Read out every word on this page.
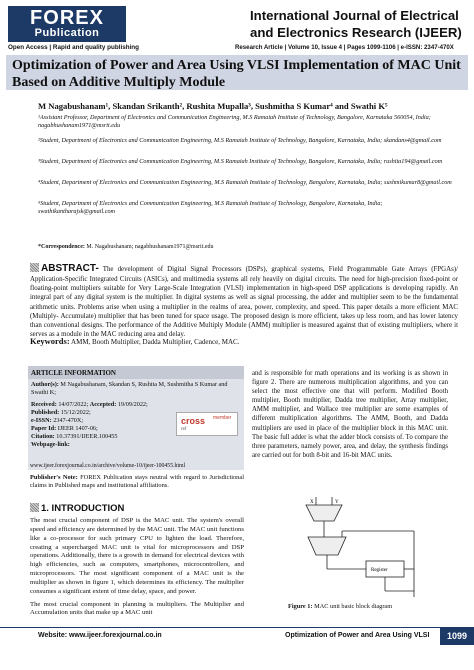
FOREX
Publication
Open Access | Rapid and quality publishing
International Journal of Electrical and Electronics Research (IJEER)
Research Article | Volume 10, Issue 4 | Pages 1099-1106 | e-ISSN: 2347-470X
Optimization of Power and Area Using VLSI Implementation of MAC Unit Based on Additive Multiply Module
M Nagabushanam¹, Skandan Srikanth², Rushita Mupalla³, Sushmitha S Kumar⁴ and Swathi K⁵
¹Assistant Professor, Department of Electronics and Communication Engineering, M.S Ramaiah Institute of Technology, Bangalore, Karnataka 560054, India; nagabhushanam1971@msrit.edu
²Student, Department of Electronics and Communication Engineering, M.S Ramaiah Institute of Technology, Bangalore, Karnataka, India; skandans4@gmail.com
³Student, Department of Electronics and Communication Engineering, M.S Ramaiah Institute of Technology, Bangalore, Karnataka, India; rushita194@gmail.com
⁴Student, Department of Electronics and Communication Engineering, M.S Ramaiah Institute of Technology, Bangalore, Karnataka, India; sushmikumar8@gmail.com
⁵Student, Department of Electronics and Communication Engineering, M.S Ramaiah Institute of Technology, Bangalore, Karnataka, India; swathikantharajsk@gmail.com
*Correspondence: M. Nagabushanam; nagabhushanam1971@msrit.edu
ABSTRACT- The development of Digital Signal Processors (DSPs), graphical systems, Field Programmable Gate Arrays (FPGAs)/ Application-Specific Integrated Circuits (ASICs), and multimedia systems all rely heavily on digital circuits. The need for high-precision fixed-point or floating-point multipliers suitable for Very Large-Scale Integration (VLSI) implementation in high-speed DSP applications is developing rapidly. An integral part of any digital system is the multiplier. In digital systems as well as signal processing, the adder and multiplier seem to be the fundamental arithmetic units. Problems arise when using a multiplier in the realms of area, power, complexity, and speed. This paper details a more efficient MAC (Multiply- Accumulate) multiplier that has been tuned for space usage. The proposed design is more efficient, takes up less room, and has lower latency than conventional designs. The performance of the Additive Multiply Module (AMM) multiplier is measured against that of existing multipliers, where it serves as a module in the MAC reducing area and delay.
Keywords: AMM, Booth Multiplier, Dadda Multiplier, Cadence, MAC.
ARTICLE INFORMATION
Author(s): M Nagabushanam, Skandan S, Rushita M, Sushmitha S Kumar and Swathi K;
Received: 14/07/2022; Accepted: 19/09/2022;
Published: 15/12/2022;
e-ISSN: 2347-470X;
Paper Id: IJEER 1407-06;
Citation: 10.37391/IJEER.100455
Webpage-link:
cross member
ref
www.ijeer.forexjournal.co.in/archive/volume-10/ijeer-100455.html
Publisher's Note: FOREX Publication stays neutral with regard to Jurisdictional claims in Published maps and institutional affiliations.
1. INTRODUCTION

The most crucial component of DSP is the MAC unit. The system's overall speed and efficiency are determined by the MAC unit. The MAC unit functions like a co-processor for such primary CPU to lighten the load. Therefore, creating a supercharged MAC unit is vital for microprocessors and DSP operations. Additionally, there is a growth in demand for electrical devices with high efficiencies, such as computers, smartphones, microcontrollers, and microprocessors. The most significant component of a MAC unit is the multiplier as shown in figure 1, which determines its efficiency. The multiplier consumes a significant extent of time delay, space, and power.

The most crucial component in planning is multipliers. The Multiplier and Accumulation units that make up a MAC unit

and is responsible for math operations and its working is as shown in figure 2. There are numerous multiplication algorithms, and you can select the most effective one that will perform. Modified Booth multiplier, Booth multiplier, Dadda tree multiplier, Array multiplier, AMM multiplier, and Wallace tree multiplier are some examples of different multiplication algorithms. The AMM, Booth, and Dadda multipliers are used in place of the multiplier block in this MAC unit. The basic full adder is what the adder block consists of. To compare the three parameters, namely power, area, and delay, the synthesis findings are carried out for both 8-bit and 16-bit MAC units.
X	Y
Register
Figure 1: MAC unit basic block diagram
Website: www.ijeer.forexjournal.co.in	Optimization of Power and Area Using VLSI	1099
